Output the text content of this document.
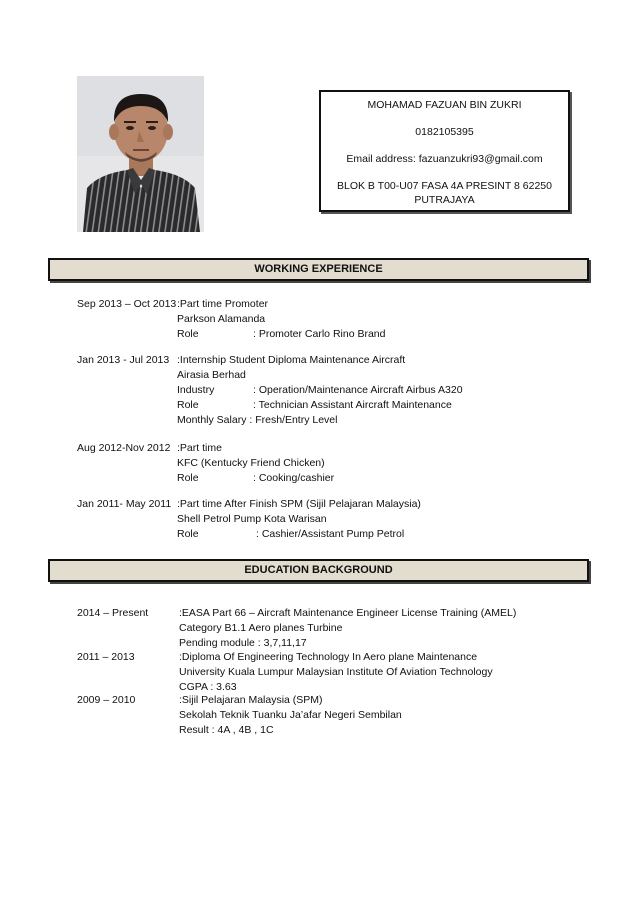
MOHAMAD FAZUAN BIN ZUKRI
0182105395
Email address: fazuanzukri93@gmail.com
BLOK B T00-U07 FASA 4A PRESINT 8 62250 PUTRAJAYA
WORKING EXPERIENCE
Sep 2013 – Oct 2013 :Part time Promoter
Parkson Alamanda
Role	: Promoter Carlo Rino Brand
Jan 2013 - Jul 2013 :Internship Student Diploma Maintenance Aircraft
Airasia Berhad
Industry	: Operation/Maintenance Aircraft Airbus A320
Role	: Technician Assistant Aircraft Maintenance
Monthly Salary : Fresh/Entry Level
Aug 2012-Nov 2012 :Part time
KFC (Kentucky Friend Chicken)
Role	: Cooking/cashier
Jan 2011- May 2011 :Part time After Finish SPM (Sijil Pelajaran Malaysia)
Shell Petrol Pump Kota Warisan
Role	: Cashier/Assistant Pump Petrol
EDUCATION BACKGROUND
2014 – Present	:EASA Part 66 – Aircraft Maintenance Engineer License Training (AMEL)
Category B1.1 Aero planes Turbine
Pending module : 3,7,11,17
2011 – 2013	:Diploma Of Engineering Technology In Aero plane Maintenance
University Kuala Lumpur Malaysian Institute Of Aviation Technology
CGPA : 3.63
2009 – 2010	:Sijil Pelajaran Malaysia (SPM)
Sekolah Teknik Tuanku Ja’afar Negeri Sembilan
Result : 4A , 4B , 1C
